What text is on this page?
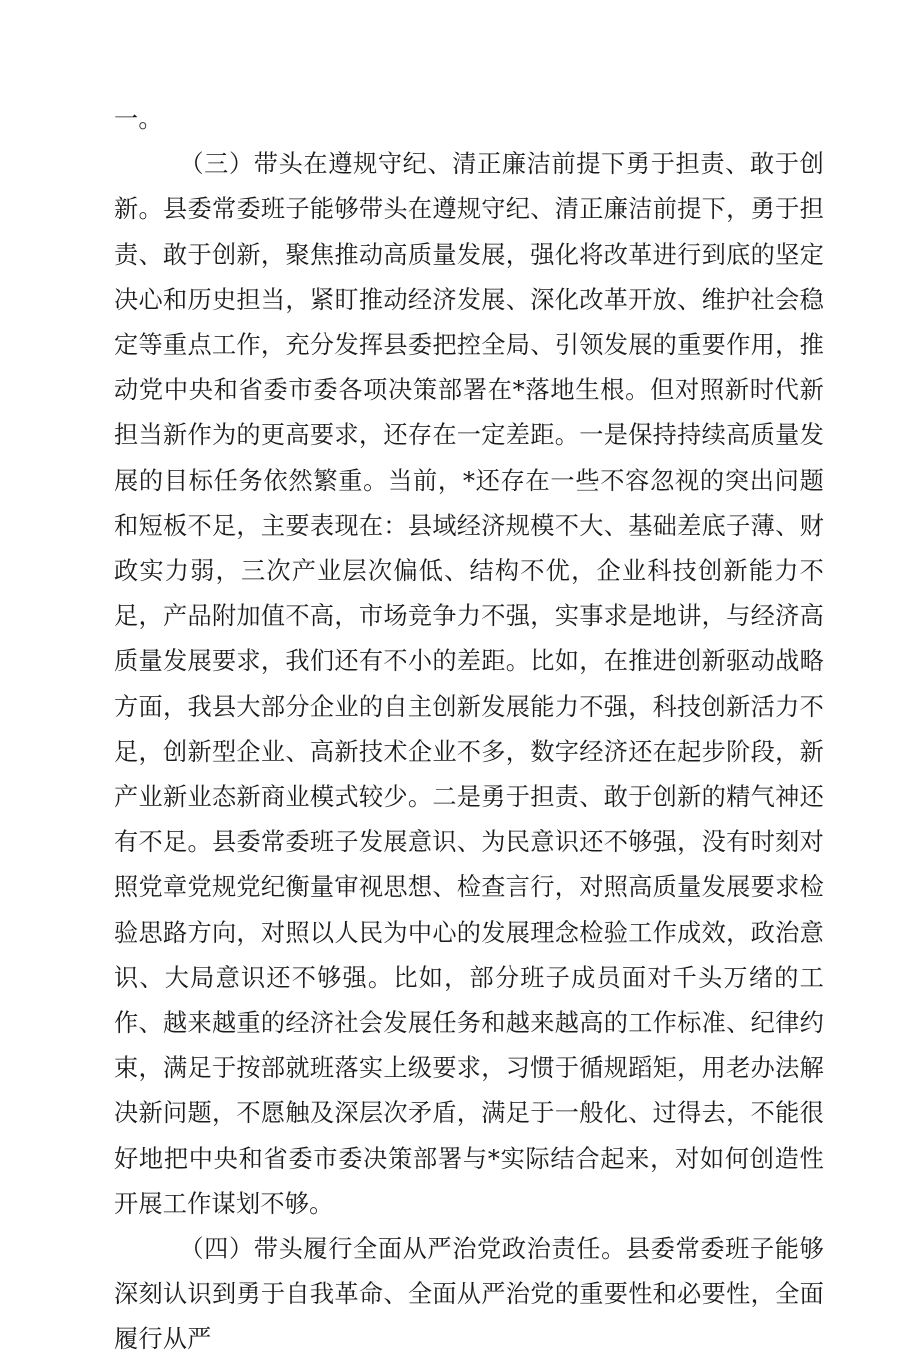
一。

（三）带头在遵规守纪、清正廉洁前提下勇于担责、敢于创新。县委常委班子能够带头在遵规守纪、清正廉洁前提下，勇于担责、敢于创新，聚焦推动高质量发展，强化将改革进行到底的坚定决心和历史担当，紧盯推动经济发展、深化改革开放、维护社会稳定等重点工作，充分发挥县委把控全局、引领发展的重要作用，推动党中央和省委市委各项决策部署在*落地生根。但对照新时代新担当新作为的更高要求，还存在一定差距。一是保持持续高质量发展的目标任务依然繁重。当前，*还存在一些不容忽视的突出问题和短板不足，主要表现在：县域经济规模不大、基础差底子薄、财政实力弱，三次产业层次偏低、结构不优，企业科技创新能力不足，产品附加值不高，市场竞争力不强，实事求是地讲，与经济高质量发展要求，我们还有不小的差距。比如，在推进创新驱动战略方面，我县大部分企业的自主创新发展能力不强，科技创新活力不足，创新型企业、高新技术企业不多，数字经济还在起步阶段，新产业新业态新商业模式较少。二是勇于担责、敢于创新的精气神还有不足。县委常委班子发展意识、为民意识还不够强，没有时刻对照党章党规党纪衡量审视思想、检查言行，对照高质量发展要求检验思路方向，对照以人民为中心的发展理念检验工作成效，政治意识、大局意识还不够强。比如，部分班子成员面对千头万绪的工作、越来越重的经济社会发展任务和越来越高的工作标准、纪律约束，满足于按部就班落实上级要求，习惯于循规蹈矩，用老办法解决新问题，不愿触及深层次矛盾，满足于一般化、过得去，不能很好地把中央和省委市委决策部署与*实际结合起来，对如何创造性开展工作谋划不够。

（四）带头履行全面从严治党政治责任。县委常委班子能够深刻认识到勇于自我革命、全面从严治党的重要性和必要性，全面履行从严
